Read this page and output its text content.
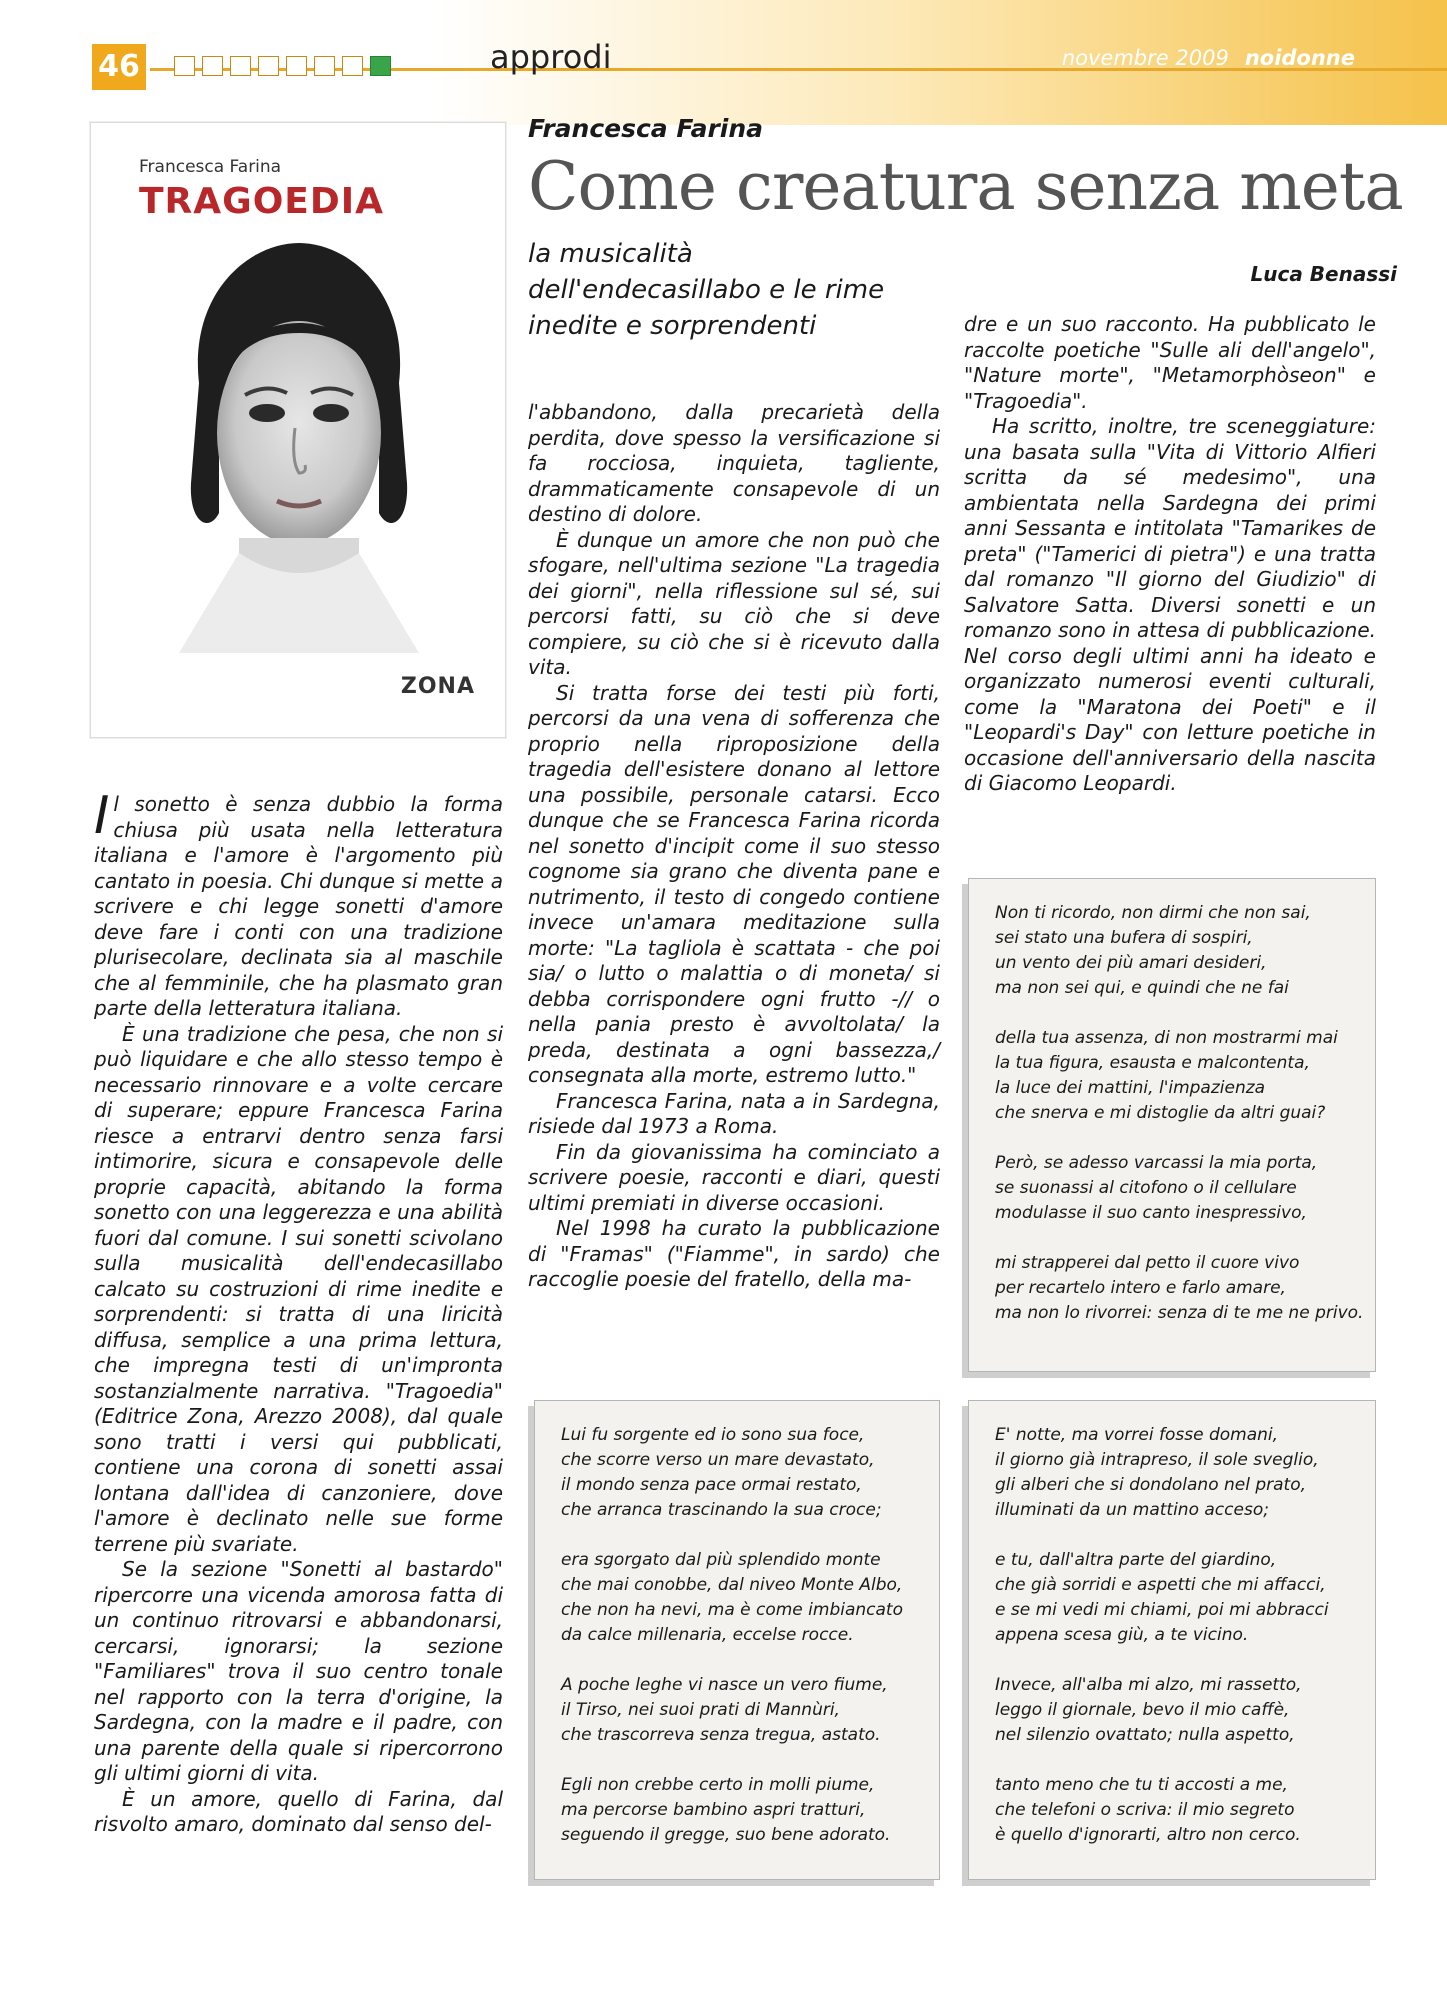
46	approdi	novembre 2009 noidonne
Francesca Farina
TRAGOEDIA
ZONA
Francesca Farina
Come creatura senza meta
la musicalità dell'endecasillabo e le rime inedite e sorprendenti
Luca Benassi

Il sonetto è senza dubbio la forma chiusa più usata nella letteratura italiana e l'amore è l'argomento più cantato in poesia. Chi dunque si mette a scrivere e chi legge sonetti d'amore deve fare i conti con una tradizione plurisecolare, declinata sia al maschile che al femminile, che ha plasmato gran parte della letteratura italiana.

È una tradizione che pesa, che non si può liquidare e che allo stesso tempo è necessario rinnovare e a volte cercare di superare; eppure Francesca Farina riesce a entrarvi dentro senza farsi intimorire, sicura e consapevole delle proprie capacità, abitando la forma sonetto con una leggerezza e una abilità fuori dal comune. I sui sonetti scivolano sulla musicalità dell'endecasillabo calcato su costruzioni di rime inedite e sorprendenti: si tratta di una liricità diffusa, semplice a una prima lettura, che impregna testi di un'impronta sostanzialmente narrativa. "Tragoedia" (Editrice Zona, Arezzo 2008), dal quale sono tratti i versi qui pubblicati, contiene una corona di sonetti assai lontana dall'idea di canzoniere, dove l'amore è declinato nelle sue forme terrene più svariate.

Se la sezione "Sonetti al bastardo" ripercorre una vicenda amorosa fatta di un continuo ritrovarsi e abbandonarsi, cercarsi, ignorarsi; la sezione "Familiares" trova il suo centro tonale nel rapporto con la terra d'origine, la Sardegna, con la madre e il padre, con una parente della quale si ripercorrono gli ultimi giorni di vita.

È un amore, quello di Farina, dal risvolto amaro, dominato dal senso del-

l'abbandono, dalla precarietà della perdita, dove spesso la versificazione si fa rocciosa, inquieta, tagliente, drammaticamente consapevole di un destino di dolore.

È dunque un amore che non può che sfogare, nell'ultima sezione "La tragedia dei giorni", nella riflessione sul sé, sui percorsi fatti, su ciò che si deve compiere, su ciò che si è ricevuto dalla vita.

Si tratta forse dei testi più forti, percorsi da una vena di sofferenza che proprio nella riproposizione della tragedia dell'esistere donano al lettore una possibile, personale catarsi. Ecco dunque che se Francesca Farina ricorda nel sonetto d'incipit come il suo stesso cognome sia grano che diventa pane e nutrimento, il testo di congedo contiene invece un'amara meditazione sulla morte: "La tagliola è scattata - che poi sia/ o lutto o malattia o di moneta/ si debba corrispondere ogni frutto -// o nella pania presto è avvoltolata/ la preda, destinata a ogni bassezza,/ consegnata alla morte, estremo lutto."

Francesca Farina, nata a in Sardegna, risiede dal 1973 a Roma.

Fin da giovanissima ha cominciato a scrivere poesie, racconti e diari, questi ultimi premiati in diverse occasioni.

Nel 1998 ha curato la pubblicazione di "Framas" ("Fiamme", in sardo) che raccoglie poesie del fratello, della ma-

dre e un suo racconto. Ha pubblicato le raccolte poetiche "Sulle ali dell'angelo", "Nature morte", "Metamorphòseon" e "Tragoedia".

Ha scritto, inoltre, tre sceneggiature: una basata sulla "Vita di Vittorio Alfieri scritta da sé medesimo", una ambientata nella Sardegna dei primi anni Sessanta e intitolata "Tamarikes de preta" ("Tamerici di pietra") e una tratta dal romanzo "Il giorno del Giudizio" di Salvatore Satta. Diversi sonetti e un romanzo sono in attesa di pubblicazione. Nel corso degli ultimi anni ha ideato e organizzato numerosi eventi culturali, come la "Maratona dei Poeti" e il "Leopardi's Day" con letture poetiche in occasione dell'anniversario della nascita di Giacomo Leopardi.

Non ti ricordo, non dirmi che non sai,
sei stato una bufera di sospiri,
un vento dei più amari desideri,
ma non sei qui, e quindi che ne fai
della tua assenza, di non mostrarmi mai
la tua figura, esausta e malcontenta,
la luce dei mattini, l'impazienza
che snerva e mi distoglie da altri guai?
Però, se adesso varcassi la mia porta,
se suonassi al citofono o il cellulare
modulasse il suo canto inespressivo,
mi strapperei dal petto il cuore vivo
per recartelo intero e farlo amare,
ma non lo rivorrei: senza di te me ne privo.
Lui fu sorgente ed io sono sua foce,
che scorre verso un mare devastato,
il mondo senza pace ormai restato,
che arranca trascinando la sua croce;
era sgorgato dal più splendido monte
che mai conobbe, dal niveo Monte Albo,
che non ha nevi, ma è come imbiancato
da calce millenaria, eccelse rocce.
A poche leghe vi nasce un vero fiume,
il Tirso, nei suoi prati di Mannùri,
che trascorreva senza tregua, astato.
Egli non crebbe certo in molli piume,
ma percorse bambino aspri tratturi,
seguendo il gregge, suo bene adorato.
E' notte, ma vorrei fosse domani,
il giorno già intrapreso, il sole sveglio,
gli alberi che si dondolano nel prato,
illuminati da un mattino acceso;
e tu, dall'altra parte del giardino,
che già sorridi e aspetti che mi affacci,
e se mi vedi mi chiami, poi mi abbracci
appena scesa giù, a te vicino.
Invece, all'alba mi alzo, mi rassetto,
leggo il giornale, bevo il mio caffè,
nel silenzio ovattato; nulla aspetto,
tanto meno che tu ti accosti a me,
che telefoni o scriva: il mio segreto
è quello d'ignorarti, altro non cerco.
